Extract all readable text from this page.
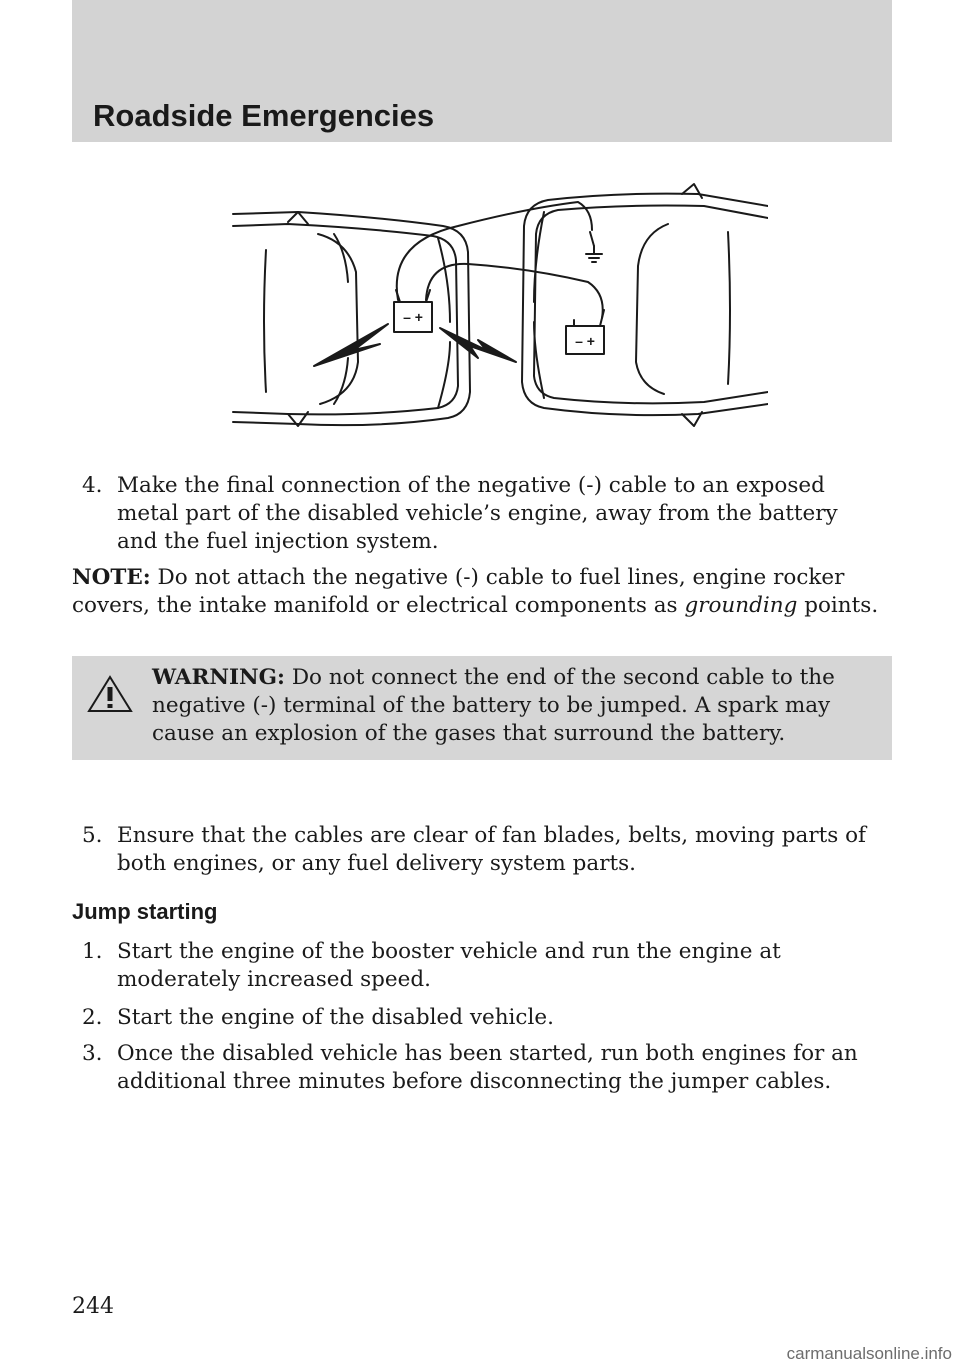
Roadside Emergencies
– +
– +
4. Make the final connection of the negative (-) cable to an exposed metal part of the disabled vehicle’s engine, away from the battery and the fuel injection system.
NOTE: Do not attach the negative (-) cable to fuel lines, engine rocker covers, the intake manifold or electrical components as grounding points.
WARNING: Do not connect the end of the second cable to the negative (-) terminal of the battery to be jumped. A spark may cause an explosion of the gases that surround the battery.
5. Ensure that the cables are clear of fan blades, belts, moving parts of both engines, or any fuel delivery system parts.
Jump starting
1. Start the engine of the booster vehicle and run the engine at moderately increased speed.
2. Start the engine of the disabled vehicle.
3. Once the disabled vehicle has been started, run both engines for an additional three minutes before disconnecting the jumper cables.
244
carmanualsonline.info
